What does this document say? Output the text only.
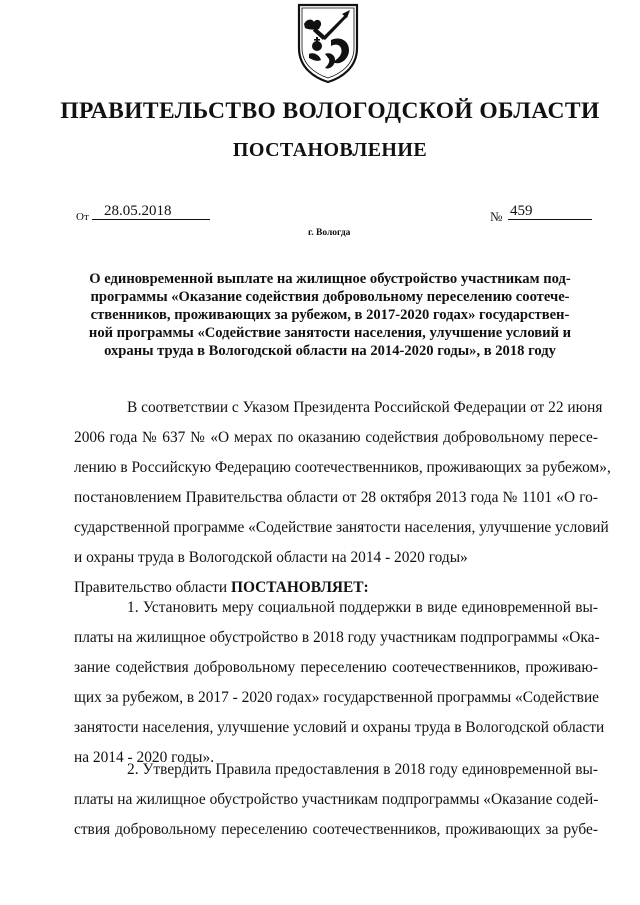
ПРАВИТЕЛЬСТВО ВОЛОГОДСКОЙ ОБЛАСТИ
ПОСТАНОВЛЕНИЕ
От	28.05.2018	№ 459
г. Вологда
О единовременной выплате на жилищное обустройство участникам под-
программы «Оказание содействия добровольному переселению соотече-
ственников, проживающих за рубежом, в 2017-2020 годах» государствен-
ной программы «Содействие занятости населения, улучшение условий и
охраны труда в Вологодской области на 2014-2020 годы», в 2018 году
В соответствии с Указом Президента Российской Федерации от 22 июня
2006 года № 637 № «О мерах по оказанию содействия добровольному пересе-
лению в Российскую Федерацию соотечественников, проживающих за рубежом»,
постановлением Правительства области от 28 октября 2013 года № 1101 «О го-
сударственной программе «Содействие занятости населения, улучшение условий
и охраны труда в Вологодской области на 2014 - 2020 годы»
Правительство области ПОСТАНОВЛЯЕТ:
1. Установить меру социальной поддержки в виде единовременной вы-
платы на жилищное обустройство в 2018 году участникам подпрограммы «Ока-
зание содействия добровольному переселению соотечественников, проживаю-
щих за рубежом, в 2017 - 2020 годах» государственной программы «Содействие
занятости населения, улучшение условий и охраны труда в Вологодской области
на 2014 - 2020 годы».
2. Утвердить Правила предоставления в 2018 году единовременной вы-
платы на жилищное обустройство участникам подпрограммы «Оказание содей-
ствия добровольному переселению соотечественников, проживающих за рубе-
